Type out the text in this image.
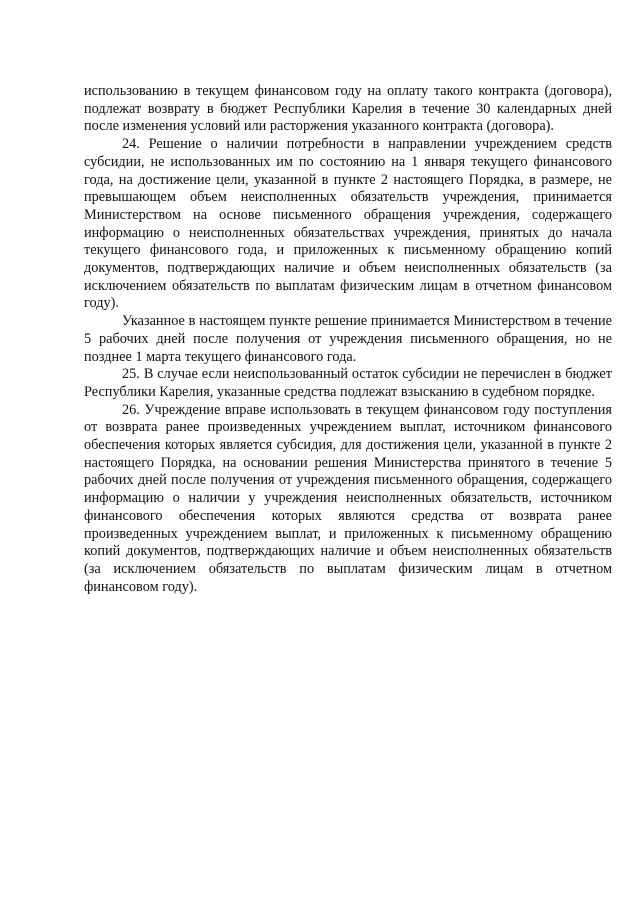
использованию в текущем финансовом году на оплату такого контракта (договора), подлежат возврату в бюджет Республики Карелия в течение 30 календарных дней после изменения условий или расторжения указанного контракта (договора).

24. Решение о наличии потребности в направлении учреждением средств субсидии, не использованных им по состоянию на 1 января текущего финансового года, на достижение цели, указанной в пункте 2 настоящего Порядка, в размере, не превышающем объем неисполненных обязательств учреждения, принимается Министерством на основе письменного обращения учреждения, содержащего информацию о неисполненных обязательствах учреждения, принятых до начала текущего финансового года, и приложенных к письменному обращению копий документов, подтверждающих наличие и объем неисполненных обязательств (за исключением обязательств по выплатам физическим лицам в отчетном финансовом году).

Указанное в настоящем пункте решение принимается Министерством в течение 5 рабочих дней после получения от учреждения письменного обращения, но не позднее 1 марта текущего финансового года.

25. В случае если неиспользованный остаток субсидии не перечислен в бюджет Республики Карелия, указанные средства подлежат взысканию в судебном порядке.

26. Учреждение вправе использовать в текущем финансовом году поступления от возврата ранее произведенных учреждением выплат, источником финансового обеспечения которых является субсидия, для достижения цели, указанной в пункте 2 настоящего Порядка, на основании решения Министерства принятого в течение 5 рабочих дней после получения от учреждения письменного обращения, содержащего информацию о наличии у учреждения неисполненных обязательств, источником финансового обеспечения которых являются средства от возврата ранее произведенных учреждением выплат, и приложенных к письменному обращению копий документов, подтверждающих наличие и объем неисполненных обязательств (за исключением обязательств по выплатам физическим лицам в отчетном финансовом году).
